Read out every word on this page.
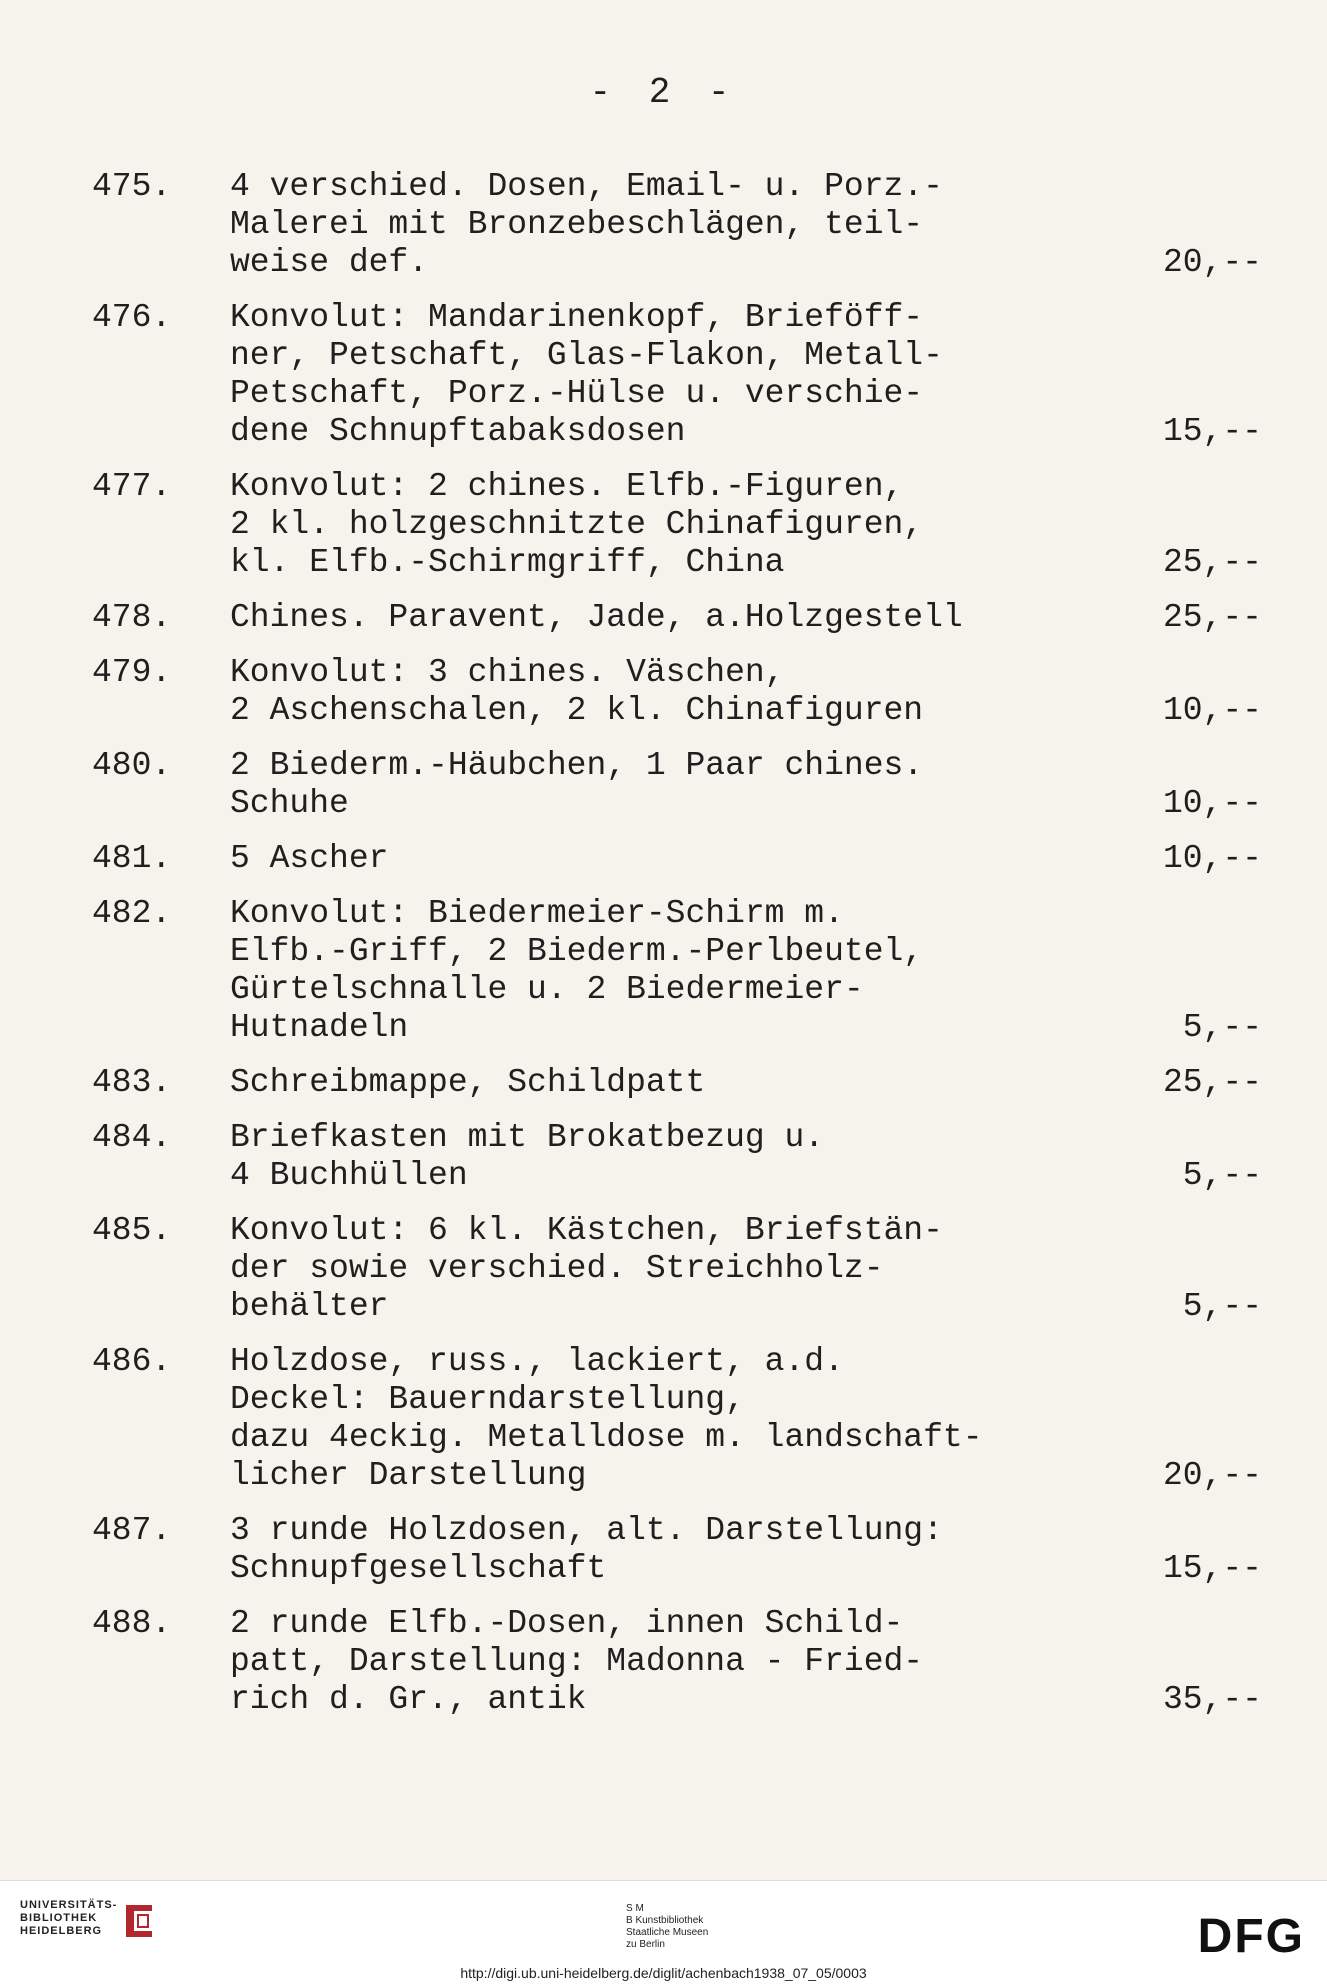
- 2 -
475.	4 verschied. Dosen, Email- u. Porz.-
Malerei mit Bronzebeschlägen, teil-
weise def.	20,--
476.	Konvolut: Mandarinenkopf, Brieföff-
ner, Petschaft, Glas-Flakon, Metall-
Petschaft, Porz.-Hülse u. verschie-
dene Schnupftabaksdosen	15,--
477.	Konvolut: 2 chines. Elfb.-Figuren,
2 kl. holzgeschnitzte Chinafiguren,
kl. Elfb.-Schirmgriff, China	25,--
478.	Chines. Paravent, Jade, a.Holzgestell	25,--
479.	Konvolut: 3 chines. Väschen,
2 Aschenschalen, 2 kl. Chinafiguren	10,--
480.	2 Biederm.-Häubchen, 1 Paar chines.
Schuhe	10,--
481.	5 Ascher	10,--
482.	Konvolut: Biedermeier-Schirm m.
Elfb.-Griff, 2 Biederm.-Perlbeutel,
Gürtelschnalle u. 2 Biedermeier-
Hutnadeln	5,--
483.	Schreibmappe, Schildpatt	25,--
484.	Briefkasten mit Brokatbezug u.
4 Buchhüllen	5,--
485.	Konvolut: 6 kl. Kästchen, Briefstän-
der sowie verschied. Streichholz-
behälter	5,--
486.	Holzdose, russ., lackiert, a.d.
Deckel: Bauerndarstellung,
dazu 4eckig. Metalldose m. landschaft-
licher Darstellung	20,--
487.	3 runde Holzdosen, alt. Darstellung:
Schnupfgesellschaft	15,--
488.	2 runde Elfb.-Dosen, innen Schild-
patt, Darstellung: Madonna - Fried-
rich d. Gr., antik	35,--
UNIVERSITÄTS-
BIBLIOTHEK
HEIDELBERG
S M
B Kunstbibliothek
Staatliche Museen
zu Berlin	DFG
http://digi.ub.uni-heidelberg.de/diglit/achenbach1938_07_05/0003
